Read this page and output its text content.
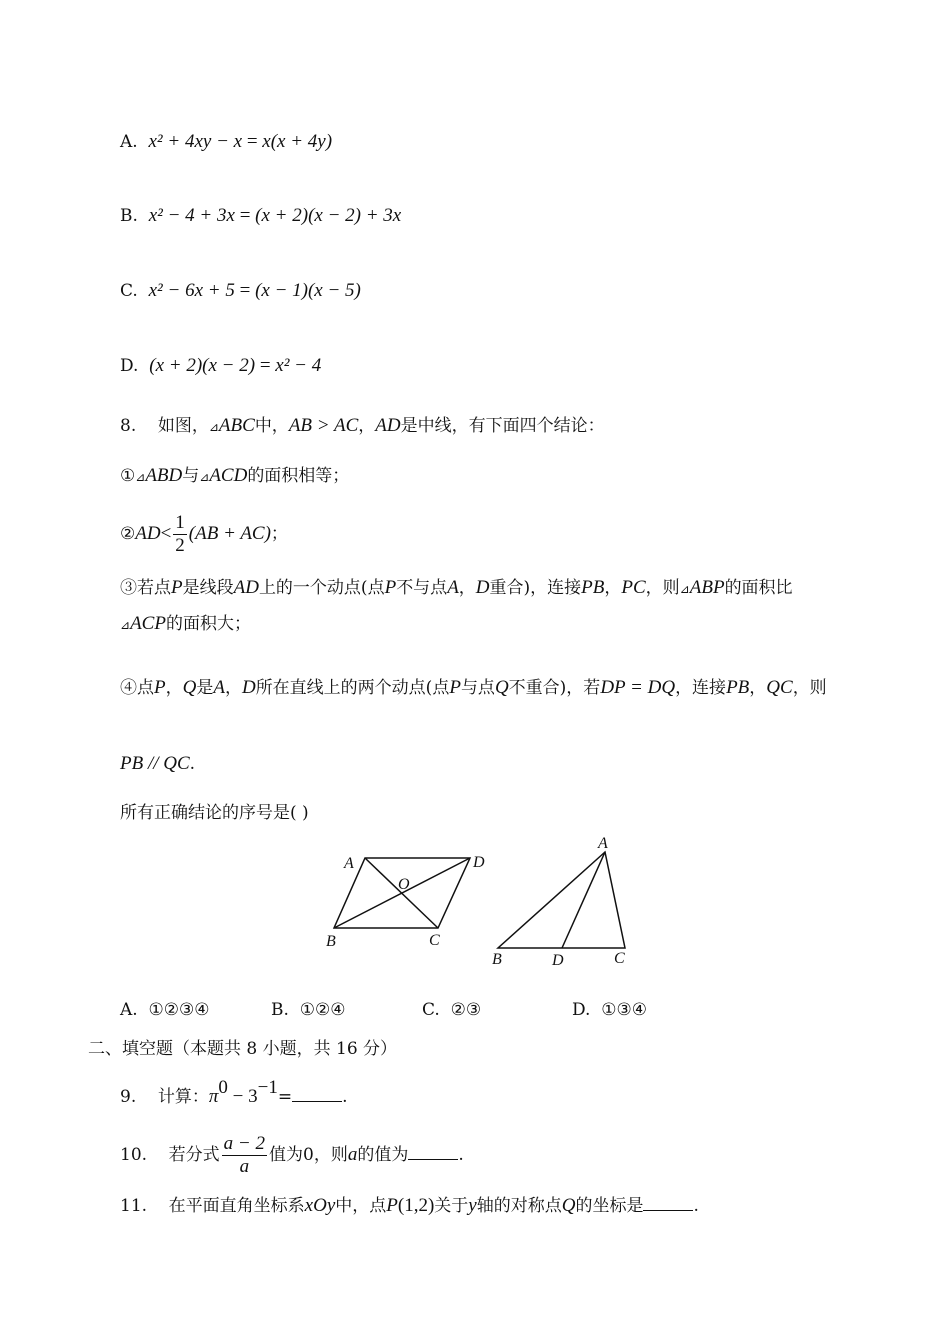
A. x² + 4xy − x = x(x + 4y)
B. x² − 4 + 3x = (x + 2)(x − 2) + 3x
C. x² − 6x + 5 = (x − 1)(x − 5)
D. (x + 2)(x − 2) = x² − 4
8. 如图，⊿ABC中，AB > AC，AD是中线，有下面四个结论：
①⊿ABD与⊿ACD的面积相等；
②AD< $\frac{1}{2} (AB + AC)$；
③若点P是线段AD上的一个动点(点P不与点A，D重合)，连接PB，PC，则⊿ABP的面积比
⊿ACP的面积大；
④点P，Q是A，D所在直线上的两个动点(点P与点Q不重合)，若DP = DQ，连接PB，QC，则
PB // QC.
所有正确结论的序号是( )
A	D
O
B	C
A
B	D	C
A. ①②③④	B. ①②④	C. ②③	D. ①③④
二、填空题（本题共 8 小题，共 16 分）
9. 计算：$\pi^0 - 3^{-1}=$	.
10. 若分式 $\frac{a - 2}{a}$ 值为0，则a的值为	.
11. 在平面直角坐标系xOy中，点P(1,2)关于y轴的对称点Q的坐标是	.
